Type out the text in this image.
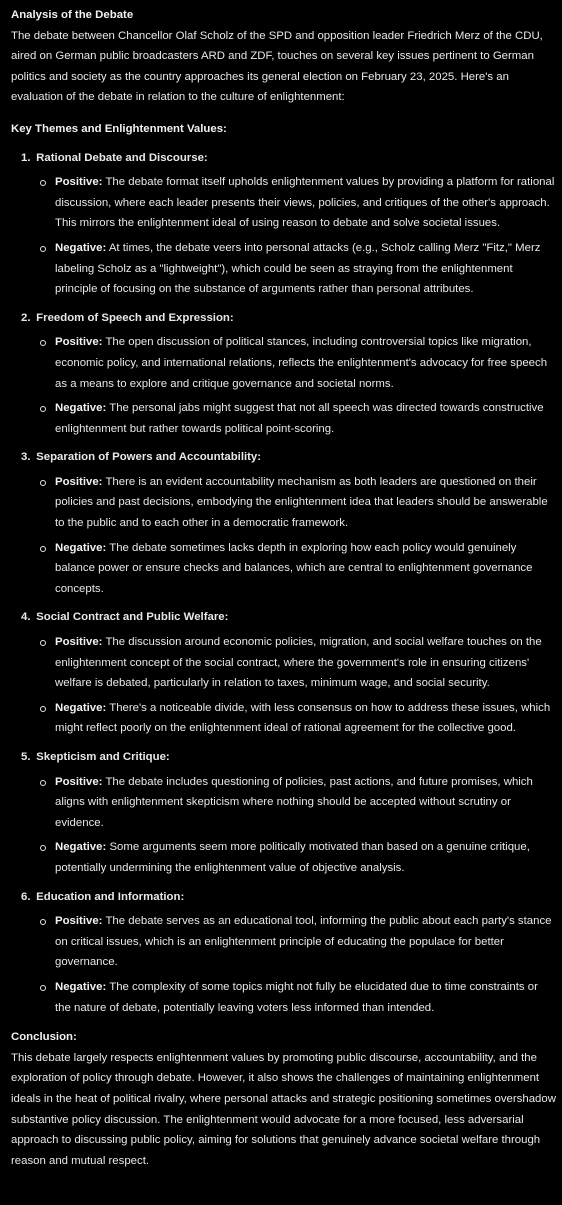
Analysis of the Debate

The debate between Chancellor Olaf Scholz of the SPD and opposition leader Friedrich Merz of the CDU, aired on German public broadcasters ARD and ZDF, touches on several key issues pertinent to German politics and society as the country approaches its general election on February 23, 2025. Here's an evaluation of the debate in relation to the culture of enlightenment:

Key Themes and Enlightenment Values:

1. Rational Debate and Discourse:
Positive: The debate format itself upholds enlightenment values by providing a platform for rational discussion, where each leader presents their views, policies, and critiques of the other's approach. This mirrors the enlightenment ideal of using reason to debate and solve societal issues.
Negative: At times, the debate veers into personal attacks (e.g., Scholz calling Merz "Fitz," Merz labeling Scholz as a "lightweight"), which could be seen as straying from the enlightenment principle of focusing on the substance of arguments rather than personal attributes.
2. Freedom of Speech and Expression:
Positive: The open discussion of political stances, including controversial topics like migration, economic policy, and international relations, reflects the enlightenment's advocacy for free speech as a means to explore and critique governance and societal norms.
Negative: The personal jabs might suggest that not all speech was directed towards constructive enlightenment but rather towards political point-scoring.
3. Separation of Powers and Accountability:
Positive: There is an evident accountability mechanism as both leaders are questioned on their policies and past decisions, embodying the enlightenment idea that leaders should be answerable to the public and to each other in a democratic framework.
Negative: The debate sometimes lacks depth in exploring how each policy would genuinely balance power or ensure checks and balances, which are central to enlightenment governance concepts.
4. Social Contract and Public Welfare:
Positive: The discussion around economic policies, migration, and social welfare touches on the enlightenment concept of the social contract, where the government's role in ensuring citizens' welfare is debated, particularly in relation to taxes, minimum wage, and social security.
Negative: There's a noticeable divide, with less consensus on how to address these issues, which might reflect poorly on the enlightenment ideal of rational agreement for the collective good.
5. Skepticism and Critique:
Positive: The debate includes questioning of policies, past actions, and future promises, which aligns with enlightenment skepticism where nothing should be accepted without scrutiny or evidence.
Negative: Some arguments seem more politically motivated than based on a genuine critique, potentially undermining the enlightenment value of objective analysis.
6. Education and Information:
Positive: The debate serves as an educational tool, informing the public about each party's stance on critical issues, which is an enlightenment principle of educating the populace for better governance.
Negative: The complexity of some topics might not fully be elucidated due to time constraints or the nature of debate, potentially leaving voters less informed than intended.

Conclusion:

This debate largely respects enlightenment values by promoting public discourse, accountability, and the exploration of policy through debate. However, it also shows the challenges of maintaining enlightenment ideals in the heat of political rivalry, where personal attacks and strategic positioning sometimes overshadow substantive policy discussion. The enlightenment would advocate for a more focused, less adversarial approach to discussing public policy, aiming for solutions that genuinely advance societal welfare through reason and mutual respect.
